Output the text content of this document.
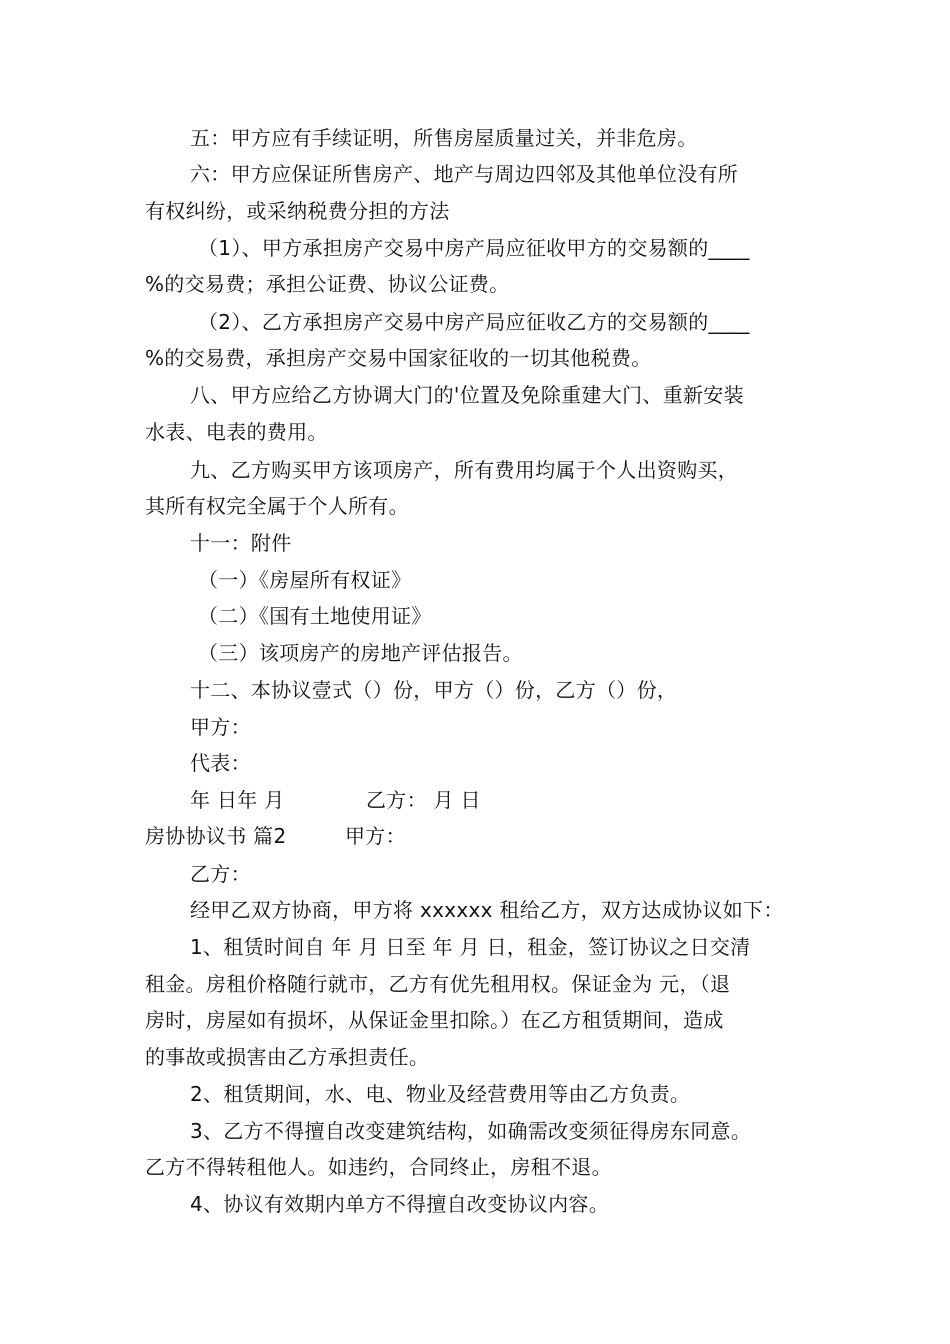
五：甲方应有手续证明，所售房屋质量过关，并非危房。
六：甲方应保证所售房产、地产与周边四邻及其他单位没有所
有权纠纷，或采纳税费分担的方法
（1）、甲方承担房产交易中房产局应征收甲方的交易额的____
%的交易费；承担公证费、协议公证费。
（2）、乙方承担房产交易中房产局应征收乙方的交易额的____
%的交易费，承担房产交易中国家征收的一切其他税费。
八、甲方应给乙方协调大门的'位置及免除重建大门、重新安装
水表、电表的费用。
九、乙方购买甲方该项房产，所有费用均属于个人出资购买，
其所有权完全属于个人所有。
十一：附件
（一）《房屋所有权证》
（二）《国有土地使用证》
（三）该项房产的房地产评估报告。
十二、本协议壹式（）份，甲方（）份，乙方（）份，
甲方：
代表：
年 日年 月	乙方： 月 日
房协协议书 篇2	甲方：
乙方：
经甲乙双方协商，甲方将 xxxxxx 租给乙方，双方达成协议如下：
1、租赁时间自 年 月 日至 年 月 日，租金，签订协议之日交清
租金。房租价格随行就市，乙方有优先租用权。保证金为 元，（退
房时，房屋如有损坏，从保证金里扣除。）在乙方租赁期间，造成
的事故或损害由乙方承担责任。
2、租赁期间，水、电、物业及经营费用等由乙方负责。
3、乙方不得擅自改变建筑结构，如确需改变须征得房东同意。
乙方不得转租他人。如违约，合同终止，房租不退。
4、协议有效期内单方不得擅自改变协议内容。
